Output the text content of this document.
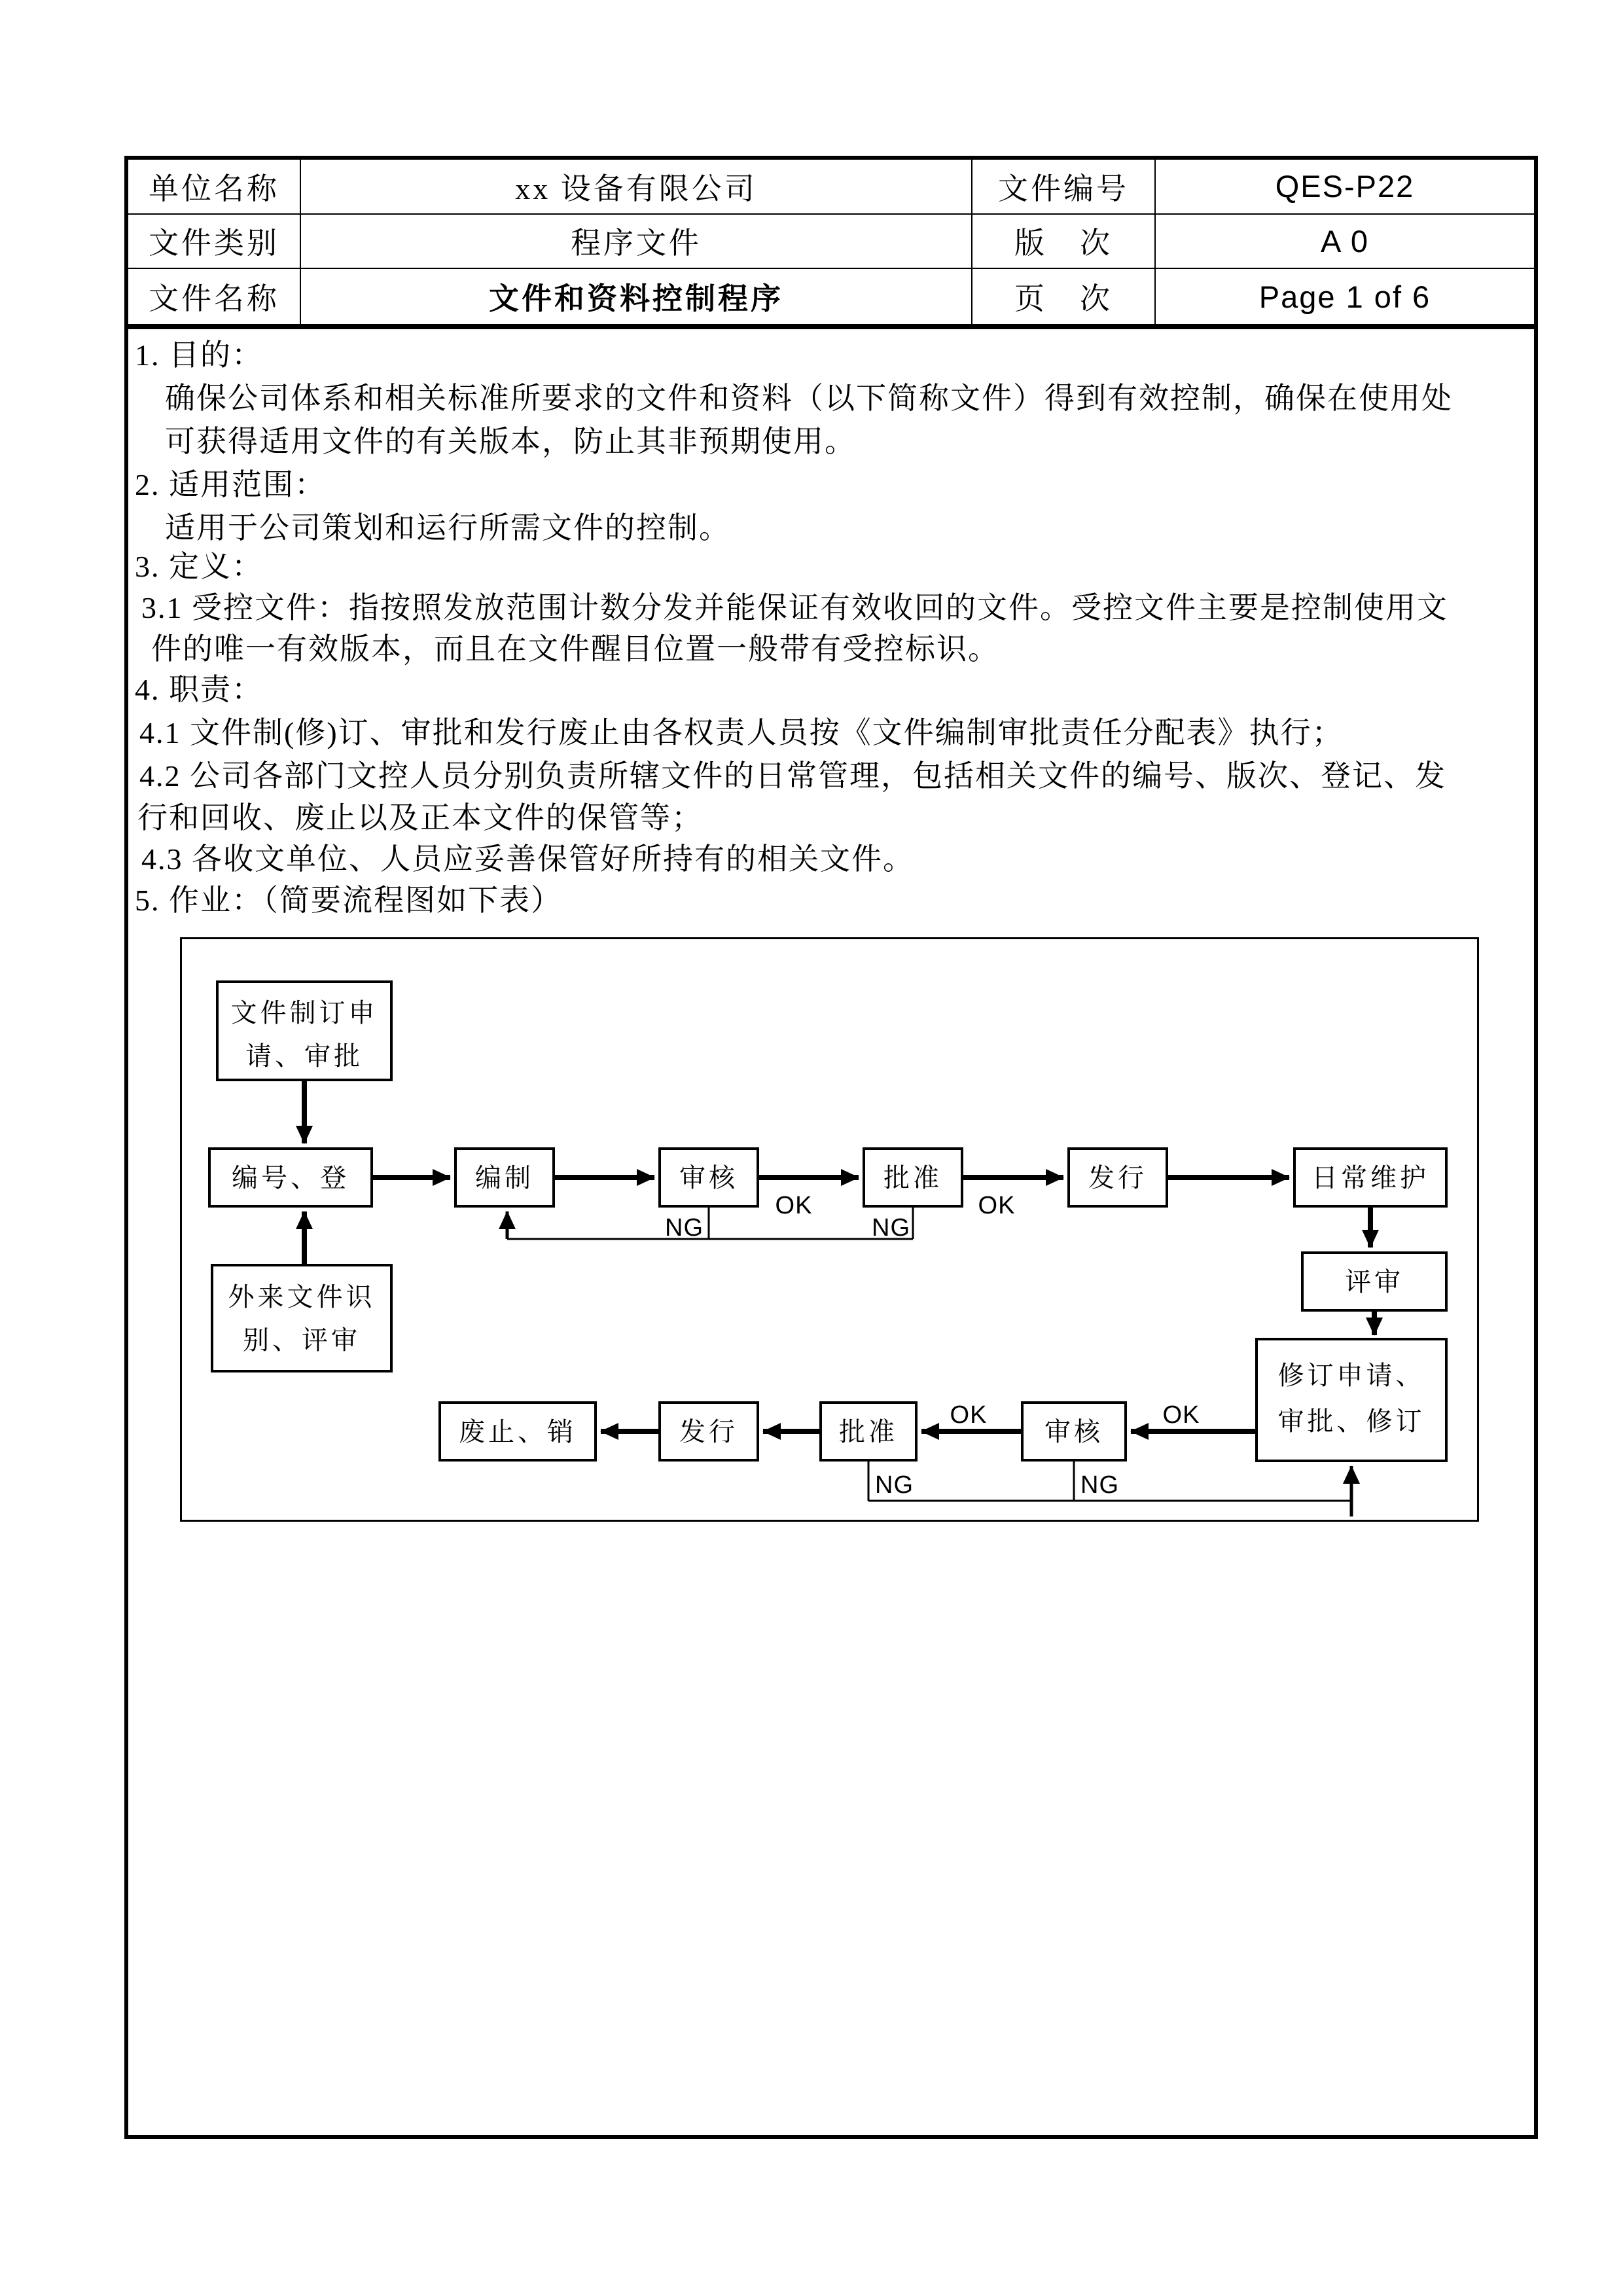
单位名称	xx 设备有限公司	文件编号	QES-P22
文件类别	程序文件	版　次	A 0
文件名称	文件和资料控制程序	页　次	Page 1 of 6
1. 目的：
确保公司体系和相关标准所要求的文件和资料（以下简称文件）得到有效控制，确保在使用处
可获得适用文件的有关版本，防止其非预期使用。
2. 适用范围：
适用于公司策划和运行所需文件的控制。
3. 定义：
3.1 受控文件：指按照发放范围计数分发并能保证有效收回的文件。受控文件主要是控制使用文
件的唯一有效版本，而且在文件醒目位置一般带有受控标识。
4. 职责：
4.1 文件制(修)订、审批和发行废止由各权责人员按《文件编制审批责任分配表》执行；
4.2 公司各部门文控人员分别负责所辖文件的日常管理，包括相关文件的编号、版次、登记、发
行和回收、废止以及正本文件的保管等；
4.3 各收文单位、人员应妥善保管好所持有的相关文件。
5. 作业：（简要流程图如下表）
文件制订申
请、审批
编号、登	编制	审核	批准	发行	日常维护
外来文件识
别、评审
评审
修订申请、
审批、修订
审核
批准
发行
废止、销
OK	OK
OK
OK
NG	NG
NG	NG
